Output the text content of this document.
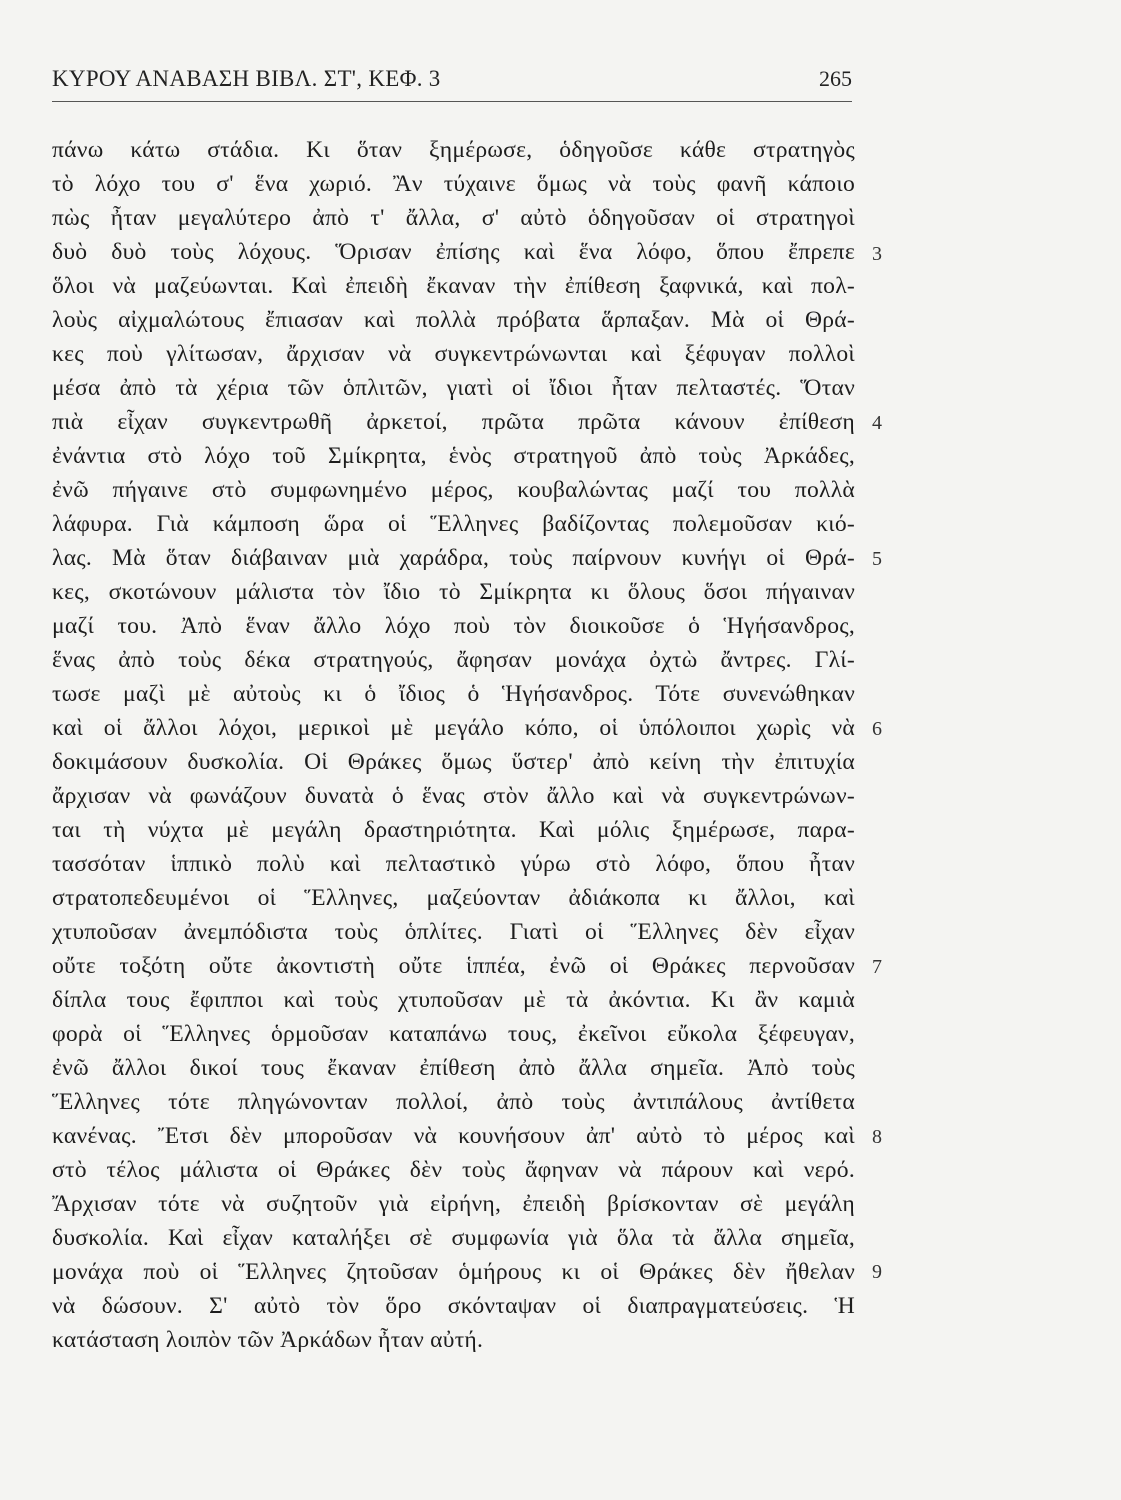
ΚΥΡΟΥ ΑΝΑΒΑΣΗ ΒΙΒΛ. ΣΤ', ΚΕΦ. 3	265
πάνω κάτω στάδια. Κι ὅταν ξημέρωσε, ὁδηγοῦσε κάθε στρατηγὸς
τὸ λόχο του σ' ἕνα χωριό. Ἂν τύχαινε ὅμως νὰ τοὺς φανῆ κάποιο
πὼς ἦταν μεγαλύτερο ἀπὸ τ' ἄλλα, σ' αὐτὸ ὁδηγοῦσαν οἱ στρατηγοὶ
δυὸ δυὸ τοὺς λόχους. Ὅρισαν ἐπίσης καὶ ἕνα λόφο, ὅπου ἔπρεπε
ὅλοι νὰ μαζεύωνται. Καὶ ἐπειδὴ ἔκαναν τὴν ἐπίθεση ξαφνικά, καὶ πολ-
λοὺς αἰχμαλώτους ἔπιασαν καὶ πολλὰ πρόβατα ἅρπαξαν. Μὰ οἱ Θρά-
κες ποὺ γλίτωσαν, ἄρχισαν νὰ συγκεντρώνωνται καὶ ξέφυγαν πολλοὶ
μέσα ἀπὸ τὰ χέρια τῶν ὁπλιτῶν, γιατὶ οἱ ἴδιοι ἦταν πελταστές. Ὅταν
πιὰ εἶχαν συγκεντρωθῆ ἀρκετοί, πρῶτα πρῶτα κάνουν ἐπίθεση
ἐνάντια στὸ λόχο τοῦ Σμίκρητα, ἑνὸς στρατηγοῦ ἀπὸ τοὺς Ἀρκάδες,
ἐνῶ πήγαινε στὸ συμφωνημένο μέρος, κουβαλώντας μαζί του πολλὰ
λάφυρα. Γιὰ κάμποση ὥρα οἱ Ἕλληνες βαδίζοντας πολεμοῦσαν κιό-
λας. Μὰ ὅταν διάβαιναν μιὰ χαράδρα, τοὺς παίρνουν κυνήγι οἱ Θρά-
κες, σκοτώνουν μάλιστα τὸν ἴδιο τὸ Σμίκρητα κι ὅλους ὅσοι πήγαιναν
μαζί του. Ἀπὸ ἕναν ἄλλο λόχο ποὺ τὸν διοικοῦσε ὁ Ἡγήσανδρος,
ἕνας ἀπὸ τοὺς δέκα στρατηγούς, ἄφησαν μονάχα ὀχτὼ ἄντρες. Γλί-
τωσε μαζὶ μὲ αὐτοὺς κι ὁ ἴδιος ὁ Ἡγήσανδρος. Τότε συνενώθηκαν
καὶ οἱ ἄλλοι λόχοι, μερικοὶ μὲ μεγάλο κόπο, οἱ ὑπόλοιποι χωρὶς νὰ
δοκιμάσουν δυσκολία. Οἱ Θράκες ὅμως ὕστερ' ἀπὸ κείνη τὴν ἐπιτυχία
ἄρχισαν νὰ φωνάζουν δυνατὰ ὁ ἕνας στὸν ἄλλο καὶ νὰ συγκεντρώνων-
ται τὴ νύχτα μὲ μεγάλη δραστηριότητα. Καὶ μόλις ξημέρωσε, παρα-
τασσόταν ἱππικὸ πολὺ καὶ πελταστικὸ γύρω στὸ λόφο, ὅπου ἦταν
στρατοπεδευμένοι οἱ Ἕλληνες, μαζεύονταν ἀδιάκοπα κι ἄλλοι, καὶ
χτυποῦσαν ἀνεμπόδιστα τοὺς ὁπλίτες. Γιατὶ οἱ Ἕλληνες δὲν εἶχαν
οὔτε τοξότη οὔτε ἀκοντιστὴ οὔτε ἱππέα, ἐνῶ οἱ Θράκες περνοῦσαν
δίπλα τους ἔφιπποι καὶ τοὺς χτυποῦσαν μὲ τὰ ἀκόντια. Κι ἂν καμιὰ
φορὰ οἱ Ἕλληνες ὁρμοῦσαν καταπάνω τους, ἐκεῖνοι εὔκολα ξέφευγαν,
ἐνῶ ἄλλοι δικοί τους ἔκαναν ἐπίθεση ἀπὸ ἄλλα σημεῖα. Ἀπὸ τοὺς
Ἕλληνες τότε πληγώνονταν πολλοί, ἀπὸ τοὺς ἀντιπάλους ἀντίθετα
κανένας. Ἔτσι δὲν μποροῦσαν νὰ κουνήσουν ἀπ' αὐτὸ τὸ μέρος καὶ
στὸ τέλος μάλιστα οἱ Θράκες δὲν τοὺς ἄφηναν νὰ πάρουν καὶ νερό.
Ἄρχισαν τότε νὰ συζητοῦν γιὰ εἰρήνη, ἐπειδὴ βρίσκονταν σὲ μεγάλη
δυσκολία. Καὶ εἶχαν καταλήξει σὲ συμφωνία γιὰ ὅλα τὰ ἄλλα σημεῖα,
μονάχα ποὺ οἱ Ἕλληνες ζητοῦσαν ὁμήρους κι οἱ Θράκες δὲν ἤθελαν
νὰ δώσουν. Σ' αὐτὸ τὸν ὅρο σκόνταψαν οἱ διαπραγματεύσεις. Ἡ
κατάσταση λοιπὸν τῶν Ἀρκάδων ἦταν αὐτή.
3
4
5
6
7
8
9
